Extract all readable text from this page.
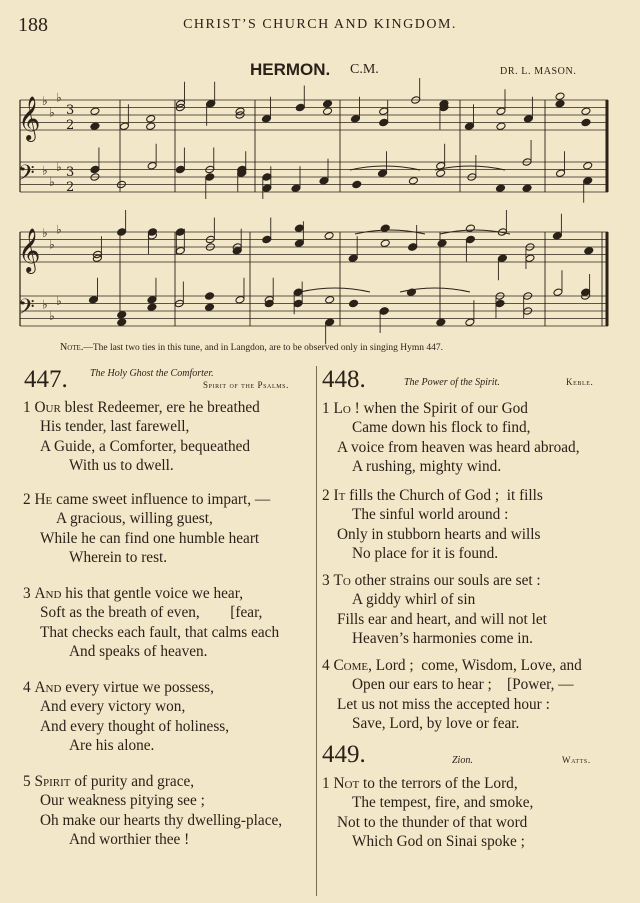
188	CHRIST’S CHURCH AND KINGDOM.
HERMON. C.M.	DR. L. MASON.
𝄞 ♭
♭
♭
3
2
𝄢 ♭
♭
♭ 3
2
𝄞 ♭
♭
♭
𝄢 ♭
♭
♭
Note.—The last two ties in this tune, and in Langdon, are to be observed only in singing Hymn 447.
447. The Holy Ghost the Comforter.
Spirit of the Psalms.
1 Our blest Redeemer, ere he breathed
His tender, last farewell,
A Guide, a Comforter, bequeathed
With us to dwell.
2 He came sweet influence to impart, —
A gracious, willing guest,
While he can find one humble heart
Wherein to rest.
3 And his that gentle voice we hear,
Soft as the breath of even,        [fear,
That checks each fault, that calms each
And speaks of heaven.
4 And every virtue we possess,
And every victory won,
And every thought of holiness,
Are his alone.
5 Spirit of purity and grace,
Our weakness pitying see ;
Oh make our hearts thy dwelling-place,
And worthier thee !
448.	The Power of the Spirit.	Keble.
1 Lo ! when the Spirit of our God
Came down his flock to find,
A voice from heaven was heard abroad,
A rushing, mighty wind.
2 It fills the Church of God ;  it fills
The sinful world around :
Only in stubborn hearts and wills
No place for it is found.
3 To other strains our souls are set :
A giddy whirl of sin
Fills ear and heart, and will not let
Heaven’s harmonies come in.
4 Come, Lord ;  come, Wisdom, Love, and
Open our ears to hear ;    [Power, —
Let us not miss the accepted hour :
Save, Lord, by love or fear.
449.	Zion.	Watts.
1 Not to the terrors of the Lord,
The tempest, fire, and smoke,
Not to the thunder of that word
Which God on Sinai spoke ;
